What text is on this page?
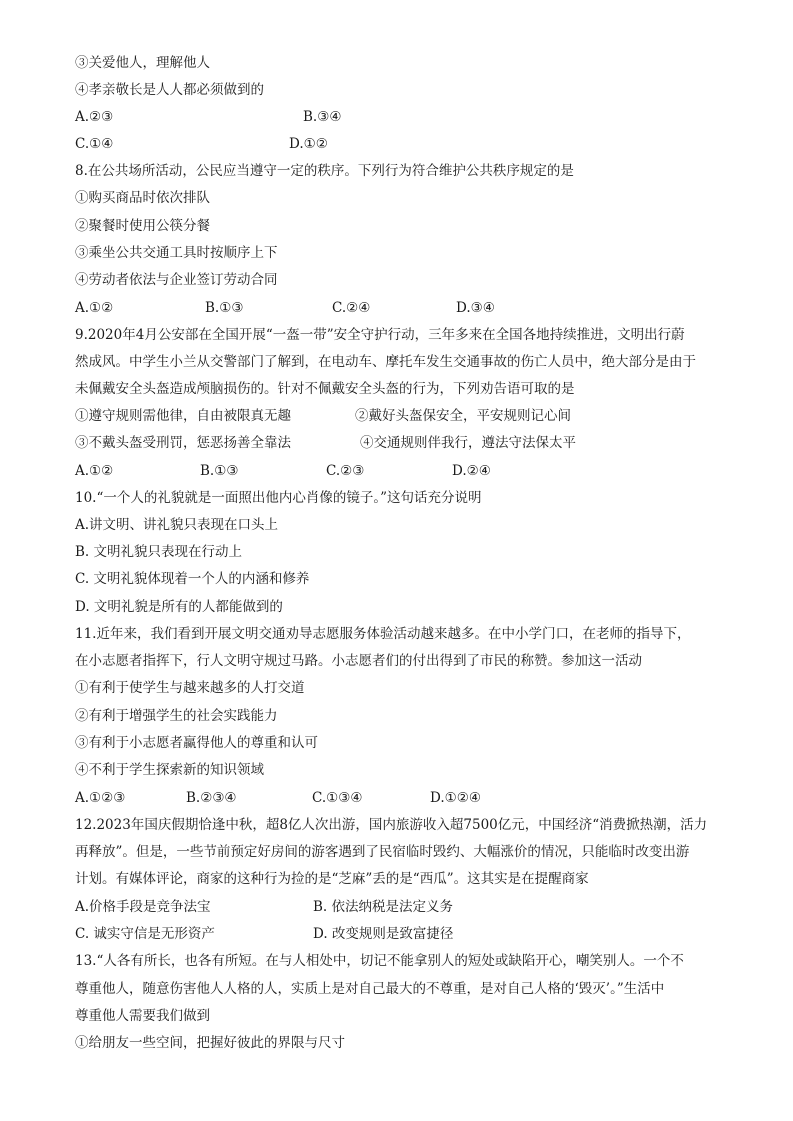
③关爱他人，理解他人
④孝亲敬长是人人都必须做到的
A.②③	B.③④
C.①④	D.①②
8.在公共场所活动，公民应当遵守一定的秩序。下列行为符合维护公共秩序规定的是
①购买商品时依次排队
②聚餐时使用公筷分餐
③乘坐公共交通工具时按顺序上下
④劳动者依法与企业签订劳动合同
A.①②	B.①③	C.②④	D.③④
9.2020年4月公安部在全国开展“一盔一带”安全守护行动，三年多来在全国各地持续推进，文明出行蔚
然成风。中学生小兰从交警部门了解到，在电动车、摩托车发生交通事故的伤亡人员中，绝大部分是由于
未佩戴安全头盔造成颅脑损伤的。针对不佩戴安全头盔的行为，下列劝告语可取的是
①遵守规则需他律，自由被限真无趣	②戴好头盔保安全，平安规则记心间
③不戴头盔受刑罚，惩恶扬善全靠法	④交通规则伴我行，遵法守法保太平
A.①②	B.①③	C.②③	D.②④
10.“一个人的礼貌就是一面照出他内心肖像的镜子。”这句话充分说明
A.讲文明、讲礼貌只表现在口头上
B. 文明礼貌只表现在行动上
C. 文明礼貌体现着一个人的内涵和修养
D. 文明礼貌是所有的人都能做到的
11.近年来，我们看到开展文明交通劝导志愿服务体验活动越来越多。在中小学门口，在老师的指导下，
在小志愿者指挥下，行人文明守规过马路。小志愿者们的付出得到了市民的称赞。参加这一活动
①有利于使学生与越来越多的人打交道
②有利于增强学生的社会实践能力
③有利于小志愿者赢得他人的尊重和认可
④不利于学生探索新的知识领域
A.①②③	B.②③④	C.①③④	D.①②④
12.2023年国庆假期恰逢中秋，超8亿人次出游，国内旅游收入超7500亿元，中国经济“消费掀热潮，活力
再释放”。但是，一些节前预定好房间的游客遇到了民宿临时毁约、大幅涨价的情况，只能临时改变出游
计划。有媒体评论，商家的这种行为捡的是“芝麻”丢的是“西瓜”。这其实是在提醒商家
A.价格手段是竞争法宝	B. 依法纳税是法定义务
C. 诚实守信是无形资产	D. 改变规则是致富捷径
13.“人各有所长，也各有所短。在与人相处中，切记不能拿别人的短处或缺陷开心，嘲笑别人。一个不
尊重他人，随意伤害他人人格的人，实质上是对自己最大的不尊重，是对自己人格的‘毁灭’。”生活中
尊重他人需要我们做到
①给朋友一些空间，把握好彼此的界限与尺寸
